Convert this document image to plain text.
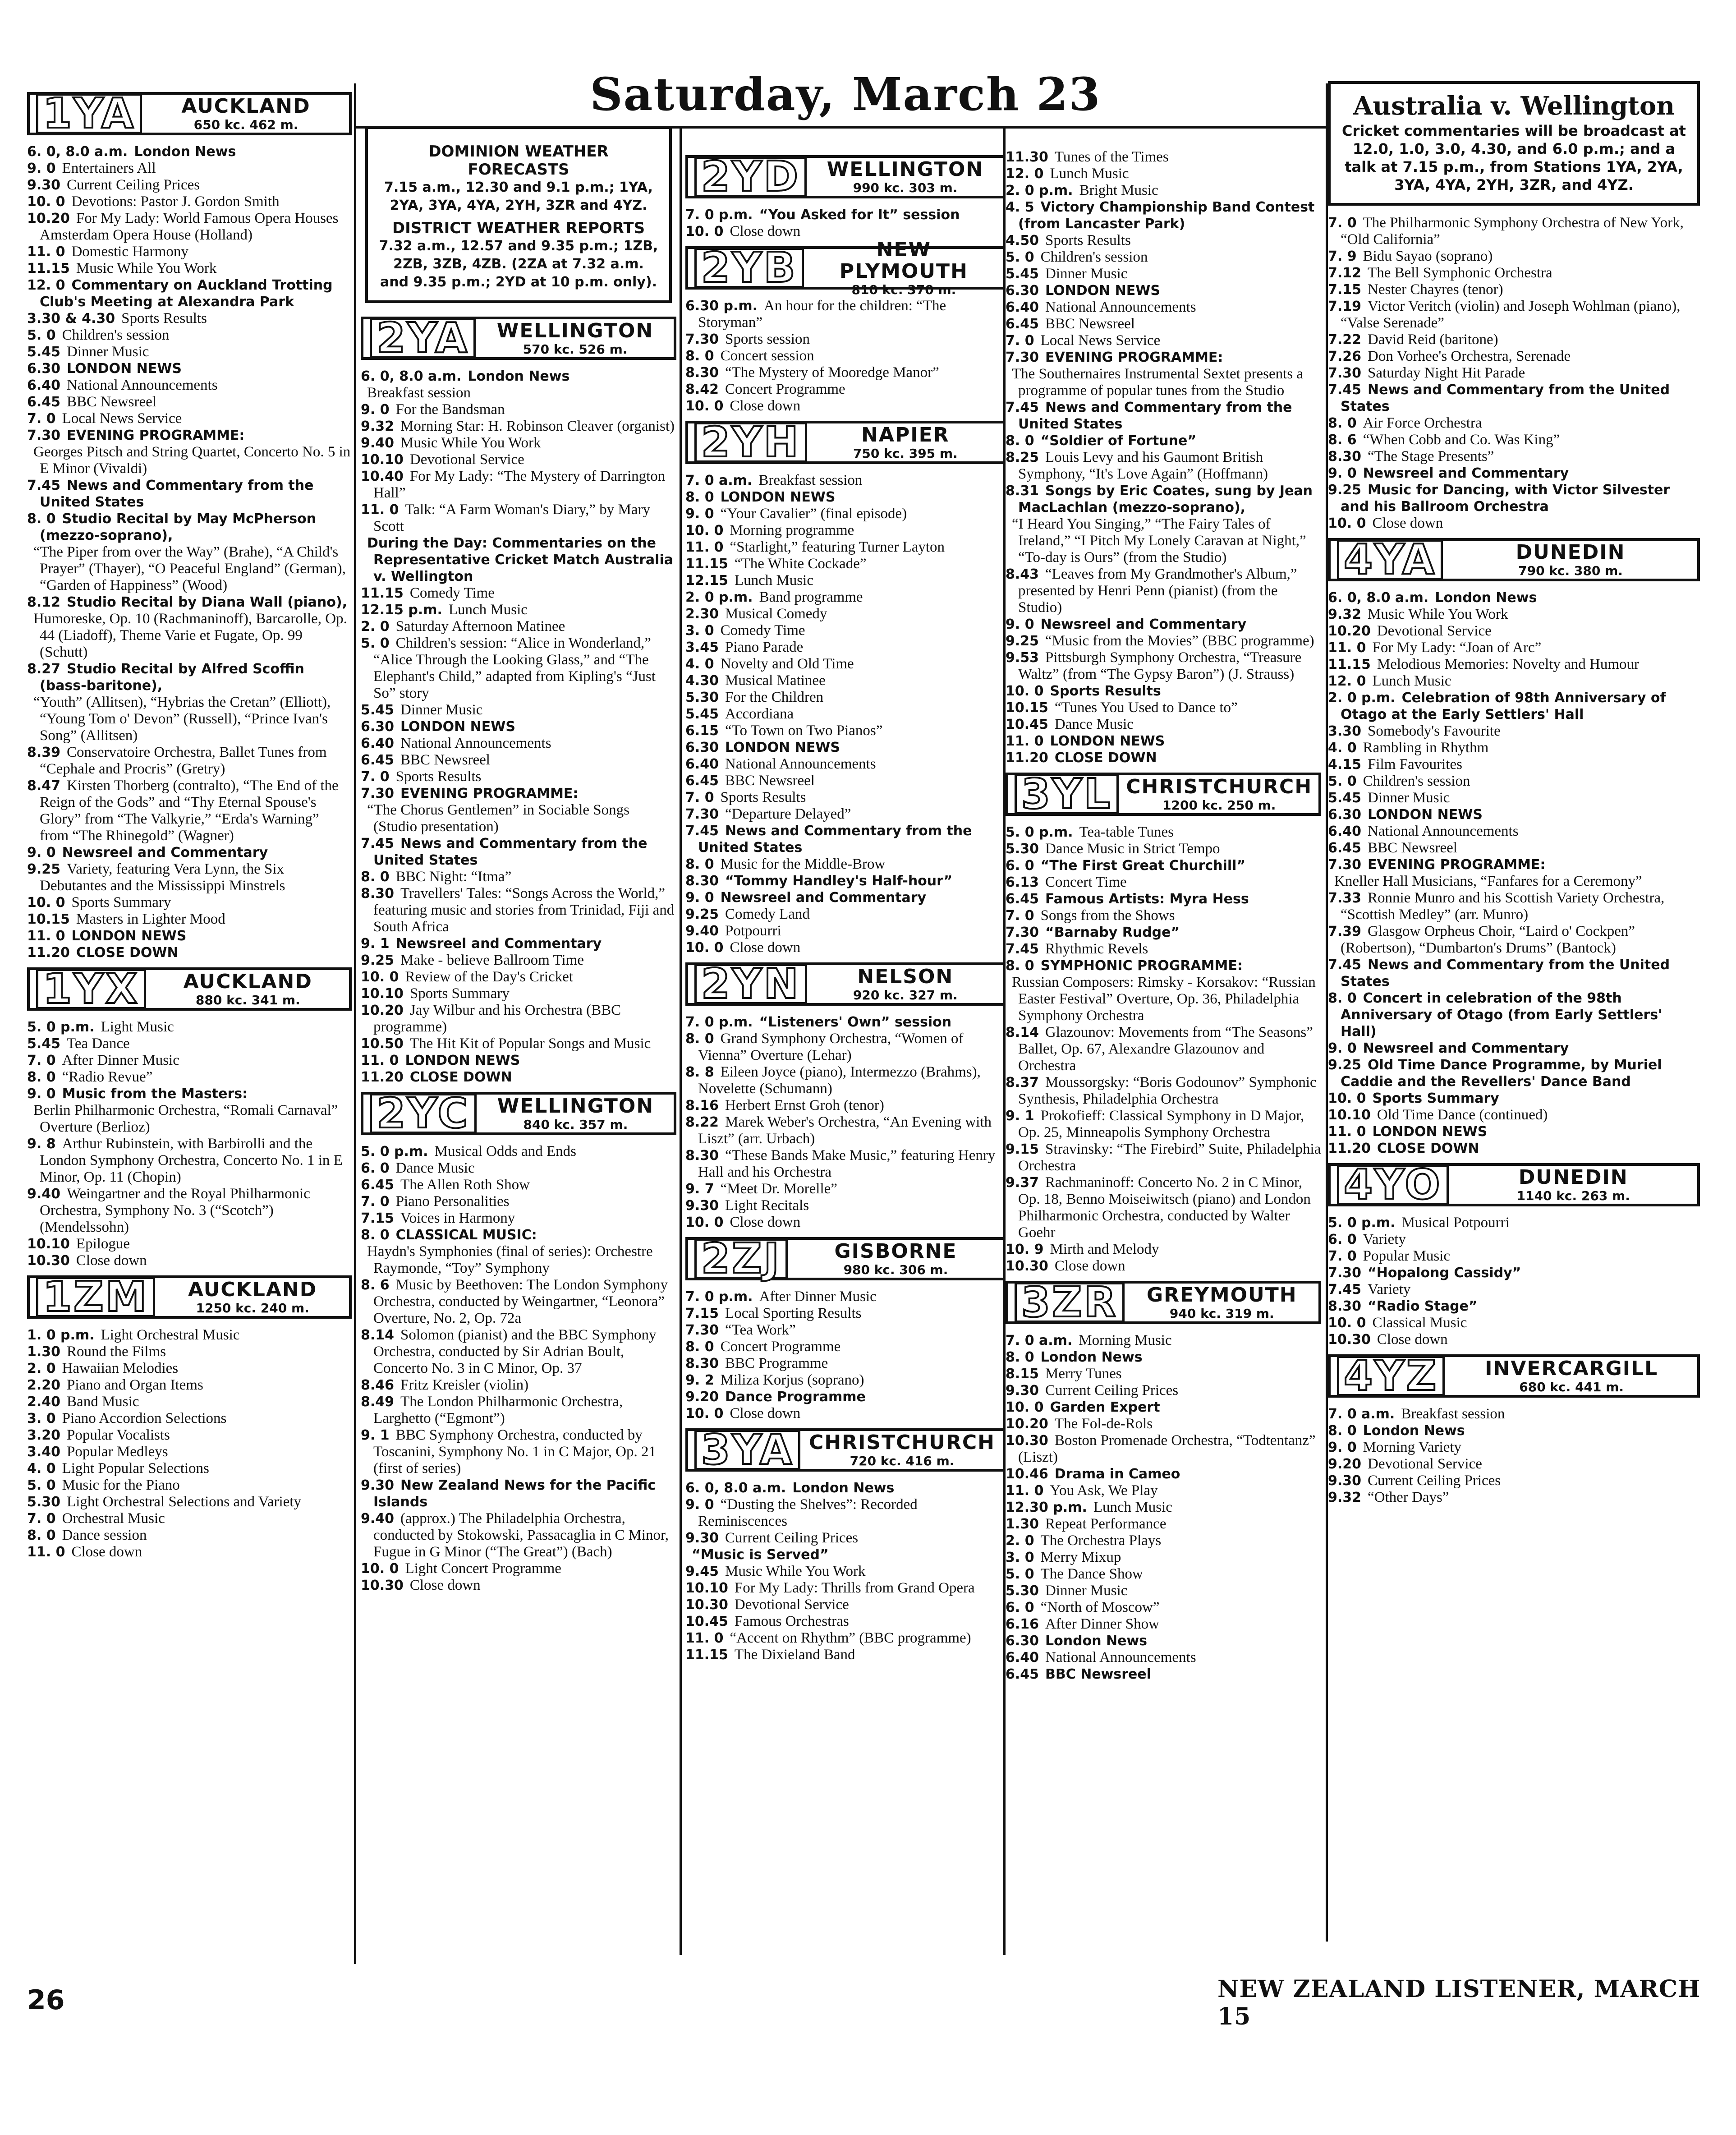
Saturday, March 23
1YA	AUCKLAND
650 kc. 462 m.

6. 0, 8.0 a.m. London News

9. 0 Entertainers All

9.30 Current Ceiling Prices

10. 0 Devotions: Pastor J. Gordon Smith

10.20 For My Lady: World Famous Opera Houses Amsterdam Opera House (Holland)

11. 0 Domestic Harmony

11.15 Music While You Work

12. 0 Commentary on Auckland Trotting Club's Meeting at Alexandra Park

3.30 & 4.30 Sports Results

5. 0 Children's session

5.45 Dinner Music

6.30 LONDON NEWS

6.40 National Announcements

6.45 BBC Newsreel

7. 0 Local News Service

7.30 EVENING PROGRAMME:

Georges Pitsch and String Quartet, Concerto No. 5 in E Minor (Vivaldi)

7.45 News and Commentary from the United States

8. 0 Studio Recital by May McPherson (mezzo-soprano),

“The Piper from over the Way” (Brahe), “A Child's Prayer” (Thayer), “O Peaceful England” (German), “Garden of Happiness” (Wood)

8.12 Studio Recital by Diana Wall (piano),

Humoreske, Op. 10 (Rachmaninoff), Barcarolle, Op. 44 (Liadoff), Theme Varie et Fugate, Op. 99 (Schutt)

8.27 Studio Recital by Alfred Scoffin (bass-baritone),

“Youth” (Allitsen), “Hybrias the Cretan” (Elliott), “Young Tom o' Devon” (Russell), “Prince Ivan's Song” (Allitsen)

8.39 Conservatoire Orchestra, Ballet Tunes from “Cephale and Procris” (Gretry)

8.47 Kirsten Thorberg (contralto), “The End of the Reign of the Gods” and “Thy Eternal Spouse's Glory” from “The Valkyrie,” “Erda's Warning” from “The Rhinegold” (Wagner)

9. 0 Newsreel and Commentary

9.25 Variety, featuring Vera Lynn, the Six Debutantes and the Mississippi Minstrels

10. 0 Sports Summary

10.15 Masters in Lighter Mood

11. 0 LONDON NEWS

11.20 CLOSE DOWN

1YX	AUCKLAND
880 kc. 341 m.

5. 0 p.m. Light Music

5.45 Tea Dance

7. 0 After Dinner Music

8. 0 “Radio Revue”

9. 0 Music from the Masters:

Berlin Philharmonic Orchestra, “Romali Carnaval” Overture (Berlioz)

9. 8 Arthur Rubinstein, with Barbirolli and the London Symphony Orchestra, Concerto No. 1 in E Minor, Op. 11 (Chopin)

9.40 Weingartner and the Royal Philharmonic Orchestra, Symphony No. 3 (“Scotch”) (Mendelssohn)

10.10 Epilogue

10.30 Close down

1ZM	AUCKLAND
1250 kc. 240 m.

1. 0 p.m. Light Orchestral Music

1.30 Round the Films

2. 0 Hawaiian Melodies

2.20 Piano and Organ Items

2.40 Band Music

3. 0 Piano Accordion Selections

3.20 Popular Vocalists

3.40 Popular Medleys

4. 0 Light Popular Selections

5. 0 Music for the Piano

5.30 Light Orchestral Selections and Variety

7. 0 Orchestral Music

8. 0 Dance session

11. 0 Close down

DOMINION WEATHER FORECASTS
7.15 a.m., 12.30 and 9.1 p.m.; 1YA, 2YA, 3YA, 4YA, 2YH, 3ZR and 4YZ.
DISTRICT WEATHER REPORTS
7.32 a.m., 12.57 and 9.35 p.m.; 1ZB, 2ZB, 3ZB, 4ZB. (2ZA at 7.32 a.m. and 9.35 p.m.; 2YD at 10 p.m. only).
2YA	WELLINGTON
570 kc. 526 m.

6. 0, 8.0 a.m. London News

Breakfast session

9. 0 For the Bandsman

9.32 Morning Star: H. Robinson Cleaver (organist)

9.40 Music While You Work

10.10 Devotional Service

10.40 For My Lady: “The Mystery of Darrington Hall”

11. 0 Talk: “A Farm Woman's Diary,” by Mary Scott

During the Day: Commentaries on the Representative Cricket Match Australia v. Wellington

11.15 Comedy Time

12.15 p.m. Lunch Music

2. 0 Saturday Afternoon Matinee

5. 0 Children's session: “Alice in Wonderland,” “Alice Through the Looking Glass,” and “The Elephant's Child,” adapted from Kipling's “Just So” story

5.45 Dinner Music

6.30 LONDON NEWS

6.40 National Announcements

6.45 BBC Newsreel

7. 0 Sports Results

7.30 EVENING PROGRAMME:

“The Chorus Gentlemen” in Sociable Songs (Studio presentation)

7.45 News and Commentary from the United States

8. 0 BBC Night: “Itma”

8.30 Travellers' Tales: “Songs Across the World,” featuring music and stories from Trinidad, Fiji and South Africa

9. 1 Newsreel and Commentary

9.25 Make - believe Ballroom Time

10. 0 Review of the Day's Cricket

10.10 Sports Summary

10.20 Jay Wilbur and his Orchestra (BBC programme)

10.50 The Hit Kit of Popular Songs and Music

11. 0 LONDON NEWS

11.20 CLOSE DOWN

2YC	WELLINGTON
840 kc. 357 m.

5. 0 p.m. Musical Odds and Ends

6. 0 Dance Music

6.45 The Allen Roth Show

7. 0 Piano Personalities

7.15 Voices in Harmony

8. 0 CLASSICAL MUSIC:

Haydn's Symphonies (final of series): Orchestre Raymonde, “Toy” Symphony

8. 6 Music by Beethoven: The London Symphony Orchestra, conducted by Weingartner, “Leonora” Overture, No. 2, Op. 72a

8.14 Solomon (pianist) and the BBC Symphony Orchestra, conducted by Sir Adrian Boult, Concerto No. 3 in C Minor, Op. 37

8.46 Fritz Kreisler (violin)

8.49 The London Philharmonic Orchestra, Larghetto (“Egmont”)

9. 1 BBC Symphony Orchestra, conducted by Toscanini, Symphony No. 1 in C Major, Op. 21 (first of series)

9.30 New Zealand News for the Pacific Islands

9.40 (approx.) The Philadelphia Orchestra, conducted by Stokowski, Passacaglia in C Minor, Fugue in G Minor (“The Great”) (Bach)

10. 0 Light Concert Programme

10.30 Close down

2YD	WELLINGTON
990 kc. 303 m.

7. 0 p.m. “You Asked for It” session

10. 0 Close down

2YB	NEW PLYMOUTH
810 kc. 370 m.

6.30 p.m. An hour for the children: “The Storyman”

7.30 Sports session

8. 0 Concert session

8.30 “The Mystery of Mooredge Manor”

8.42 Concert Programme

10. 0 Close down

2YH	NAPIER
750 kc. 395 m.

7. 0 a.m. Breakfast session

8. 0 LONDON NEWS

9. 0 “Your Cavalier” (final episode)

10. 0 Morning programme

11. 0 “Starlight,” featuring Turner Layton

11.15 “The White Cockade”

12.15 Lunch Music

2. 0 p.m. Band programme

2.30 Musical Comedy

3. 0 Comedy Time

3.45 Piano Parade

4. 0 Novelty and Old Time

4.30 Musical Matinee

5.30 For the Children

5.45 Accordiana

6.15 “To Town on Two Pianos”

6.30 LONDON NEWS

6.40 National Announcements

6.45 BBC Newsreel

7. 0 Sports Results

7.30 “Departure Delayed”

7.45 News and Commentary from the United States

8. 0 Music for the Middle-Brow

8.30 “Tommy Handley's Half-hour”

9. 0 Newsreel and Commentary

9.25 Comedy Land

9.40 Potpourri

10. 0 Close down

2YN	NELSON
920 kc. 327 m.

7. 0 p.m. “Listeners' Own” session

8. 0 Grand Symphony Orchestra, “Women of Vienna” Overture (Lehar)

8. 8 Eileen Joyce (piano), Intermezzo (Brahms), Novelette (Schumann)

8.16 Herbert Ernst Groh (tenor)

8.22 Marek Weber's Orchestra, “An Evening with Liszt” (arr. Urbach)

8.30 “These Bands Make Music,” featuring Henry Hall and his Orchestra

9. 7 “Meet Dr. Morelle”

9.30 Light Recitals

10. 0 Close down

2ZJ	GISBORNE
980 kc. 306 m.

7. 0 p.m. After Dinner Music

7.15 Local Sporting Results

7.30 “Tea Work”

8. 0 Concert Programme

8.30 BBC Programme

9. 2 Miliza Korjus (soprano)

9.20 Dance Programme

10. 0 Close down

3YA CHRISTCHURCH
720 kc. 416 m.

6. 0, 8.0 a.m. London News

9. 0 “Dusting the Shelves”: Recorded Reminiscences

9.30 Current Ceiling Prices

“Music is Served”

9.45 Music While You Work

10.10 For My Lady: Thrills from Grand Opera

10.30 Devotional Service

10.45 Famous Orchestras

11. 0 “Accent on Rhythm” (BBC programme)

11.15 The Dixieland Band

11.30 Tunes of the Times

12. 0 Lunch Music

2. 0 p.m. Bright Music

4. 5 Victory Championship Band Contest (from Lancaster Park)

4.50 Sports Results

5. 0 Children's session

5.45 Dinner Music

6.30 LONDON NEWS

6.40 National Announcements

6.45 BBC Newsreel

7. 0 Local News Service

7.30 EVENING PROGRAMME:

The Southernaires Instrumental Sextet presents a programme of popular tunes from the Studio

7.45 News and Commentary from the United States

8. 0 “Soldier of Fortune”

8.25 Louis Levy and his Gaumont British Symphony, “It's Love Again” (Hoffmann)

8.31 Songs by Eric Coates, sung by Jean MacLachlan (mezzo-soprano),

“I Heard You Singing,” “The Fairy Tales of Ireland,” “I Pitch My Lonely Caravan at Night,” “To-day is Ours” (from the Studio)

8.43 “Leaves from My Grandmother's Album,” presented by Henri Penn (pianist) (from the Studio)

9. 0 Newsreel and Commentary

9.25 “Music from the Movies” (BBC programme)

9.53 Pittsburgh Symphony Orchestra, “Treasure Waltz” (from “The Gypsy Baron”) (J. Strauss)

10. 0 Sports Results

10.15 “Tunes You Used to Dance to”

10.45 Dance Music

11. 0 LONDON NEWS

11.20 CLOSE DOWN

3YL CHRISTCHURCH
1200 kc. 250 m.

5. 0 p.m. Tea-table Tunes

5.30 Dance Music in Strict Tempo

6. 0 “The First Great Churchill”

6.13 Concert Time

6.45 Famous Artists: Myra Hess

7. 0 Songs from the Shows

7.30 “Barnaby Rudge”

7.45 Rhythmic Revels

8. 0 SYMPHONIC PROGRAMME:

Russian Composers: Rimsky - Korsakov: “Russian Easter Festival” Overture, Op. 36, Philadelphia Symphony Orchestra

8.14 Glazounov: Movements from “The Seasons” Ballet, Op. 67, Alexandre Glazounov and Orchestra

8.37 Moussorgsky: “Boris Godounov” Symphonic Synthesis, Philadelphia Orchestra

9. 1 Prokofieff: Classical Symphony in D Major, Op. 25, Minneapolis Symphony Orchestra

9.15 Stravinsky: “The Firebird” Suite, Philadelphia Orchestra

9.37 Rachmaninoff: Concerto No. 2 in C Minor, Op. 18, Benno Moiseiwitsch (piano) and London Philharmonic Orchestra, conducted by Walter Goehr

10. 9 Mirth and Melody

10.30 Close down

3ZR	GREYMOUTH
940 kc. 319 m.

7. 0 a.m. Morning Music

8. 0 London News

8.15 Merry Tunes

9.30 Current Ceiling Prices

10. 0 Garden Expert

10.20 The Fol-de-Rols

10.30 Boston Promenade Orchestra, “Todtentanz” (Liszt)

10.46 Drama in Cameo

11. 0 You Ask, We Play

12.30 p.m. Lunch Music

1.30 Repeat Performance

2. 0 The Orchestra Plays

3. 0 Merry Mixup

5. 0 The Dance Show

5.30 Dinner Music

6. 0 “North of Moscow”

6.16 After Dinner Show

6.30 London News

6.40 National Announcements

6.45 BBC Newsreel

Australia v. Wellington
Cricket commentaries will be broadcast at 12.0, 1.0, 3.0, 4.30, and 6.0 p.m.; and a talk at 7.15 p.m., from Stations 1YA, 2YA, 3YA, 4YA, 2YH, 3ZR, and 4YZ.

7. 0 The Philharmonic Symphony Orchestra of New York, “Old California”

7. 9 Bidu Sayao (soprano)

7.12 The Bell Symphonic Orchestra

7.15 Nester Chayres (tenor)

7.19 Victor Veritch (violin) and Joseph Wohlman (piano), “Valse Serenade”

7.22 David Reid (baritone)

7.26 Don Vorhee's Orchestra, Serenade

7.30 Saturday Night Hit Parade

7.45 News and Commentary from the United States

8. 0 Air Force Orchestra

8. 6 “When Cobb and Co. Was King”

8.30 “The Stage Presents”

9. 0 Newsreel and Commentary

9.25 Music for Dancing, with Victor Silvester and his Ballroom Orchestra

10. 0 Close down

4YA	DUNEDIN
790 kc. 380 m.

6. 0, 8.0 a.m. London News

9.32 Music While You Work

10.20 Devotional Service

11. 0 For My Lady: “Joan of Arc”

11.15 Melodious Memories: Novelty and Humour

12. 0 Lunch Music

2. 0 p.m. Celebration of 98th Anniversary of Otago at the Early Settlers' Hall

3.30 Somebody's Favourite

4. 0 Rambling in Rhythm

4.15 Film Favourites

5. 0 Children's session

5.45 Dinner Music

6.30 LONDON NEWS

6.40 National Announcements

6.45 BBC Newsreel

7.30 EVENING PROGRAMME:

Kneller Hall Musicians, “Fanfares for a Ceremony”

7.33 Ronnie Munro and his Scottish Variety Orchestra, “Scottish Medley” (arr. Munro)

7.39 Glasgow Orpheus Choir, “Laird o' Cockpen” (Robertson), “Dumbarton's Drums” (Bantock)

7.45 News and Commentary from the United States

8. 0 Concert in celebration of the 98th Anniversary of Otago (from Early Settlers' Hall)

9. 0 Newsreel and Commentary

9.25 Old Time Dance Programme, by Muriel Caddie and the Revellers' Dance Band

10. 0 Sports Summary

10.10 Old Time Dance (continued)

11. 0 LONDON NEWS

11.20 CLOSE DOWN

4YO	DUNEDIN
1140 kc. 263 m.

5. 0 p.m. Musical Potpourri

6. 0 Variety

7. 0 Popular Music

7.30 “Hopalong Cassidy”

7.45 Variety

8.30 “Radio Stage”

10. 0 Classical Music

10.30 Close down

4YZ	INVERCARGILL
680 kc. 441 m.

7. 0 a.m. Breakfast session

8. 0 London News

9. 0 Morning Variety

9.20 Devotional Service

9.30 Current Ceiling Prices

9.32 “Other Days”

26	NEW ZEALAND LISTENER, MARCH 15
